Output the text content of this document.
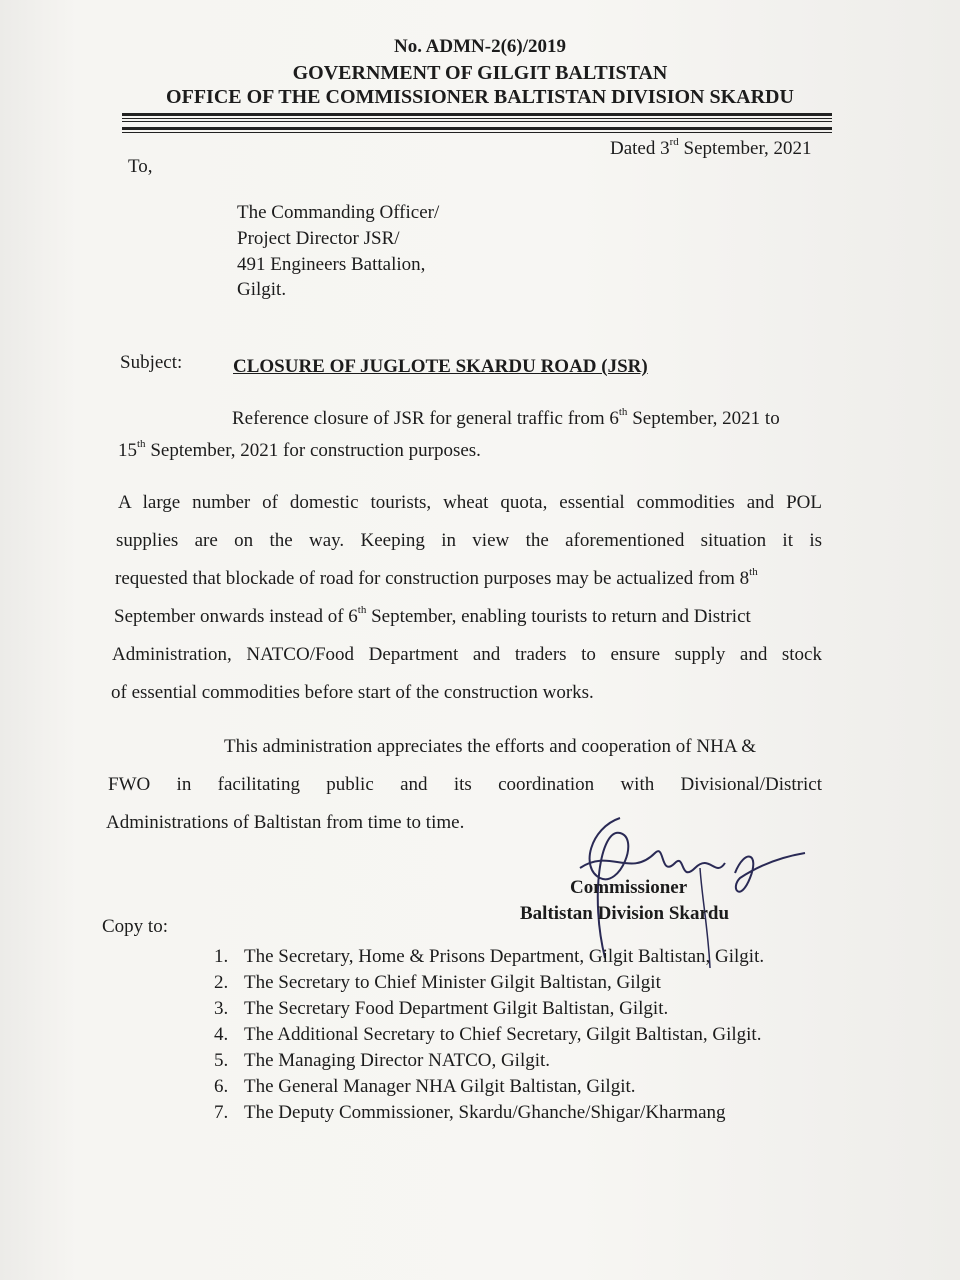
No. ADMN-2(6)/2019
GOVERNMENT OF GILGIT BALTISTAN
OFFICE OF THE COMMISSIONER BALTISTAN DIVISION SKARDU
Dated 3rd September, 2021
To,
The Commanding Officer/
Project Director JSR/
491 Engineers Battalion,
Gilgit.
Subject:	CLOSURE OF JUGLOTE SKARDU ROAD (JSR)
Reference closure of JSR for general traffic from 6th September, 2021 to
15th September, 2021 for construction purposes.
A large number of domestic tourists, wheat quota, essential commodities and POL
supplies are on the way. Keeping in view the aforementioned situation it is
requested that blockade of road for construction purposes may be actualized from 8th
September onwards instead of 6th September, enabling tourists to return and District
Administration, NATCO/Food Department and traders to ensure supply and stock
of essential commodities before start of the construction works.
This administration appreciates the efforts and cooperation of NHA &
FWO in facilitating public and its coordination with Divisional/District
Administrations of Baltistan from time to time.
Commissioner
Baltistan Division Skardu
Copy to:
1. The Secretary, Home & Prisons Department, Gilgit Baltistan, Gilgit.
2. The Secretary to Chief Minister Gilgit Baltistan, Gilgit
3. The Secretary Food Department Gilgit Baltistan, Gilgit.
4. The Additional Secretary to Chief Secretary, Gilgit Baltistan, Gilgit.
5. The Managing Director NATCO, Gilgit.
6. The General Manager NHA Gilgit Baltistan, Gilgit.
7. The Deputy Commissioner, Skardu/Ghanche/Shigar/Kharmang
